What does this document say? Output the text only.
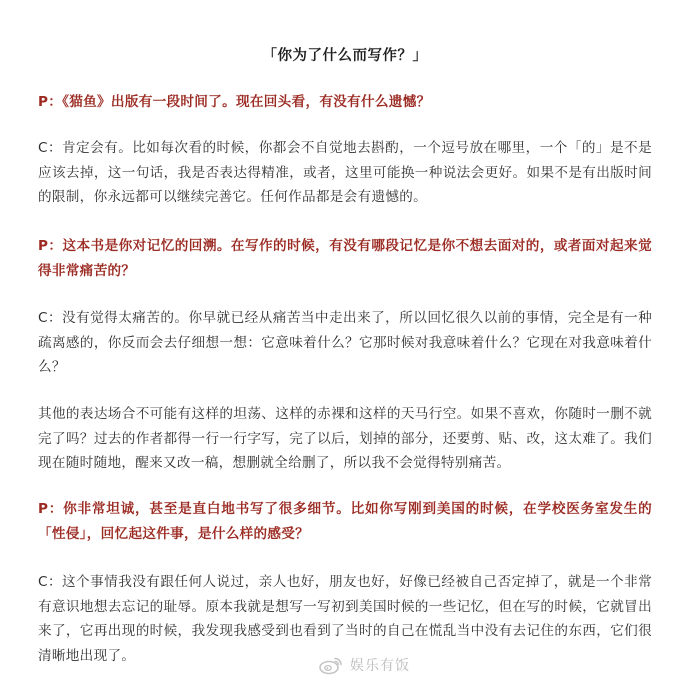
「你为了什么而写作？」
P：《猫鱼》出版有一段时间了。现在回头看，有没有什么遗憾？
C：肯定会有。比如每次看的时候，你都会不自觉地去斟酌，一个逗号放在哪里，一个「的」是不是应该去掉，这一句话，我是否表达得精准，或者，这里可能换一种说法会更好。如果不是有出版时间的限制，你永远都可以继续完善它。任何作品都是会有遗憾的。
P：这本书是你对记忆的回溯。在写作的时候，有没有哪段记忆是你不想去面对的，或者面对起来觉得非常痛苦的？
C：没有觉得太痛苦的。你早就已经从痛苦当中走出来了，所以回忆很久以前的事情，完全是有一种疏离感的，你反而会去仔细想一想：它意味着什么？它那时候对我意味着什么？它现在对我意味着什么？
其他的表达场合不可能有这样的坦荡、这样的赤裸和这样的天马行空。如果不喜欢，你随时一删不就完了吗？过去的作者都得一行一行字写，完了以后，划掉的部分，还要剪、贴、改，这太难了。我们现在随时随地，醒来又改一稿，想删就全给删了，所以我不会觉得特别痛苦。
P：你非常坦诚，甚至是直白地书写了很多细节。比如你写刚到美国的时候，在学校医务室发生的「性侵」，回忆起这件事，是什么样的感受？
C：这个事情我没有跟任何人说过，亲人也好，朋友也好，好像已经被自己否定掉了，就是一个非常有意识地想去忘记的耻辱。原本我就是想写一写初到美国时候的一些记忆，但在写的时候，它就冒出来了，它再出现的时候，我发现我感受到也看到了当时的自己在慌乱当中没有去记住的东西，它们很清晰地出现了。
娱乐有饭
